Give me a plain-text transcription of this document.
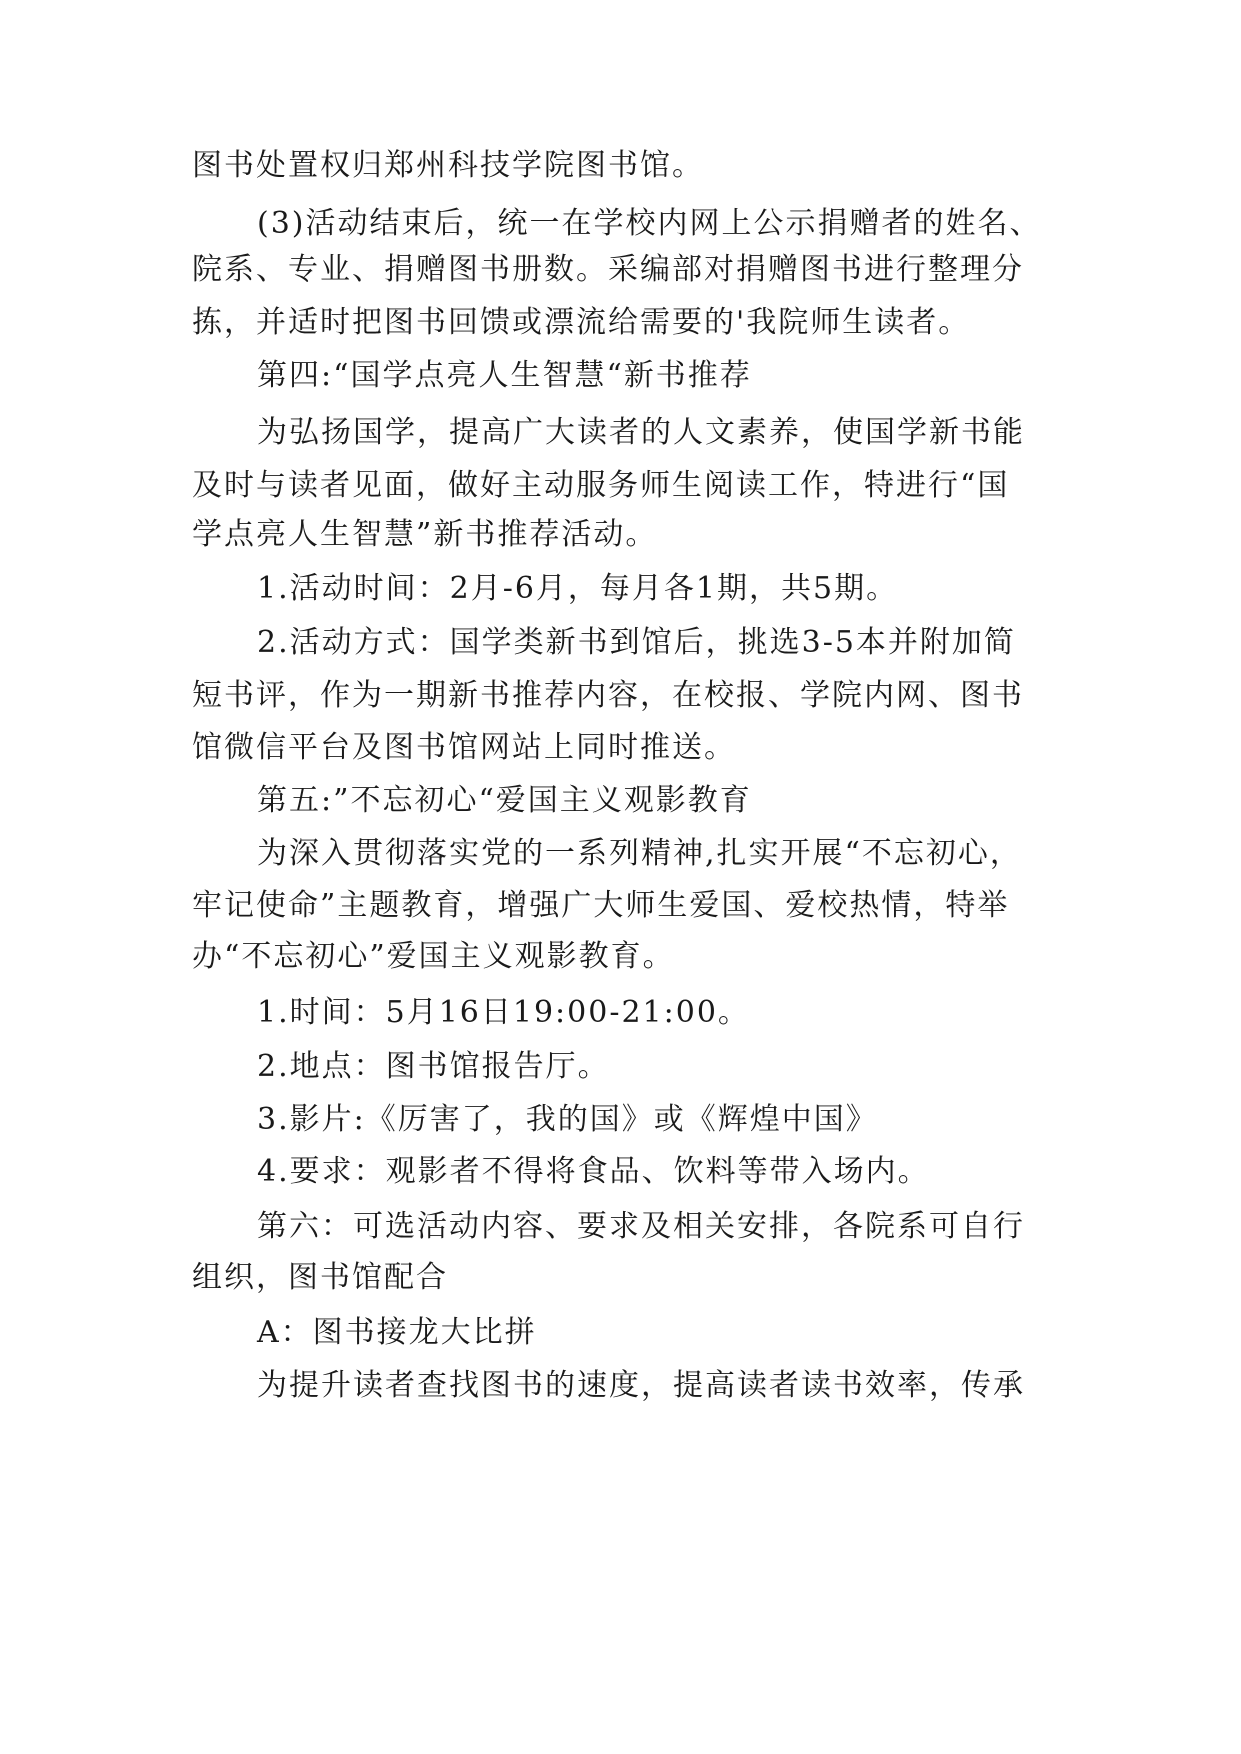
图书处置权归郑州科技学院图书馆。
(3)活动结束后，统一在学校内网上公示捐赠者的姓名、
院系、专业、捐赠图书册数。采编部对捐赠图书进行整理分
拣，并适时把图书回馈或漂流给需要的'我院师生读者。
第四:“国学点亮人生智慧“新书推荐
为弘扬国学，提高广大读者的人文素养，使国学新书能
及时与读者见面，做好主动服务师生阅读工作，特进行“国
学点亮人生智慧”新书推荐活动。
1.活动时间：2月-6月，每月各1期，共5期。
2.活动方式：国学类新书到馆后，挑选3-5本并附加简
短书评，作为一期新书推荐内容，在校报、学院内网、图书
馆微信平台及图书馆网站上同时推送。
第五:”不忘初心“爱国主义观影教育
为深入贯彻落实党的一系列精神,扎实开展“不忘初心，
牢记使命”主题教育，增强广大师生爱国、爱校热情，特举
办“不忘初心”爱国主义观影教育。
1.时间：5月16日19:00-21:00。
2.地点：图书馆报告厅。
3.影片:《厉害了，我的国》或《辉煌中国》
4.要求：观影者不得将食品、饮料等带入场内。
第六：可选活动内容、要求及相关安排，各院系可自行
组织，图书馆配合
A：图书接龙大比拼
为提升读者查找图书的速度，提高读者读书效率，传承
